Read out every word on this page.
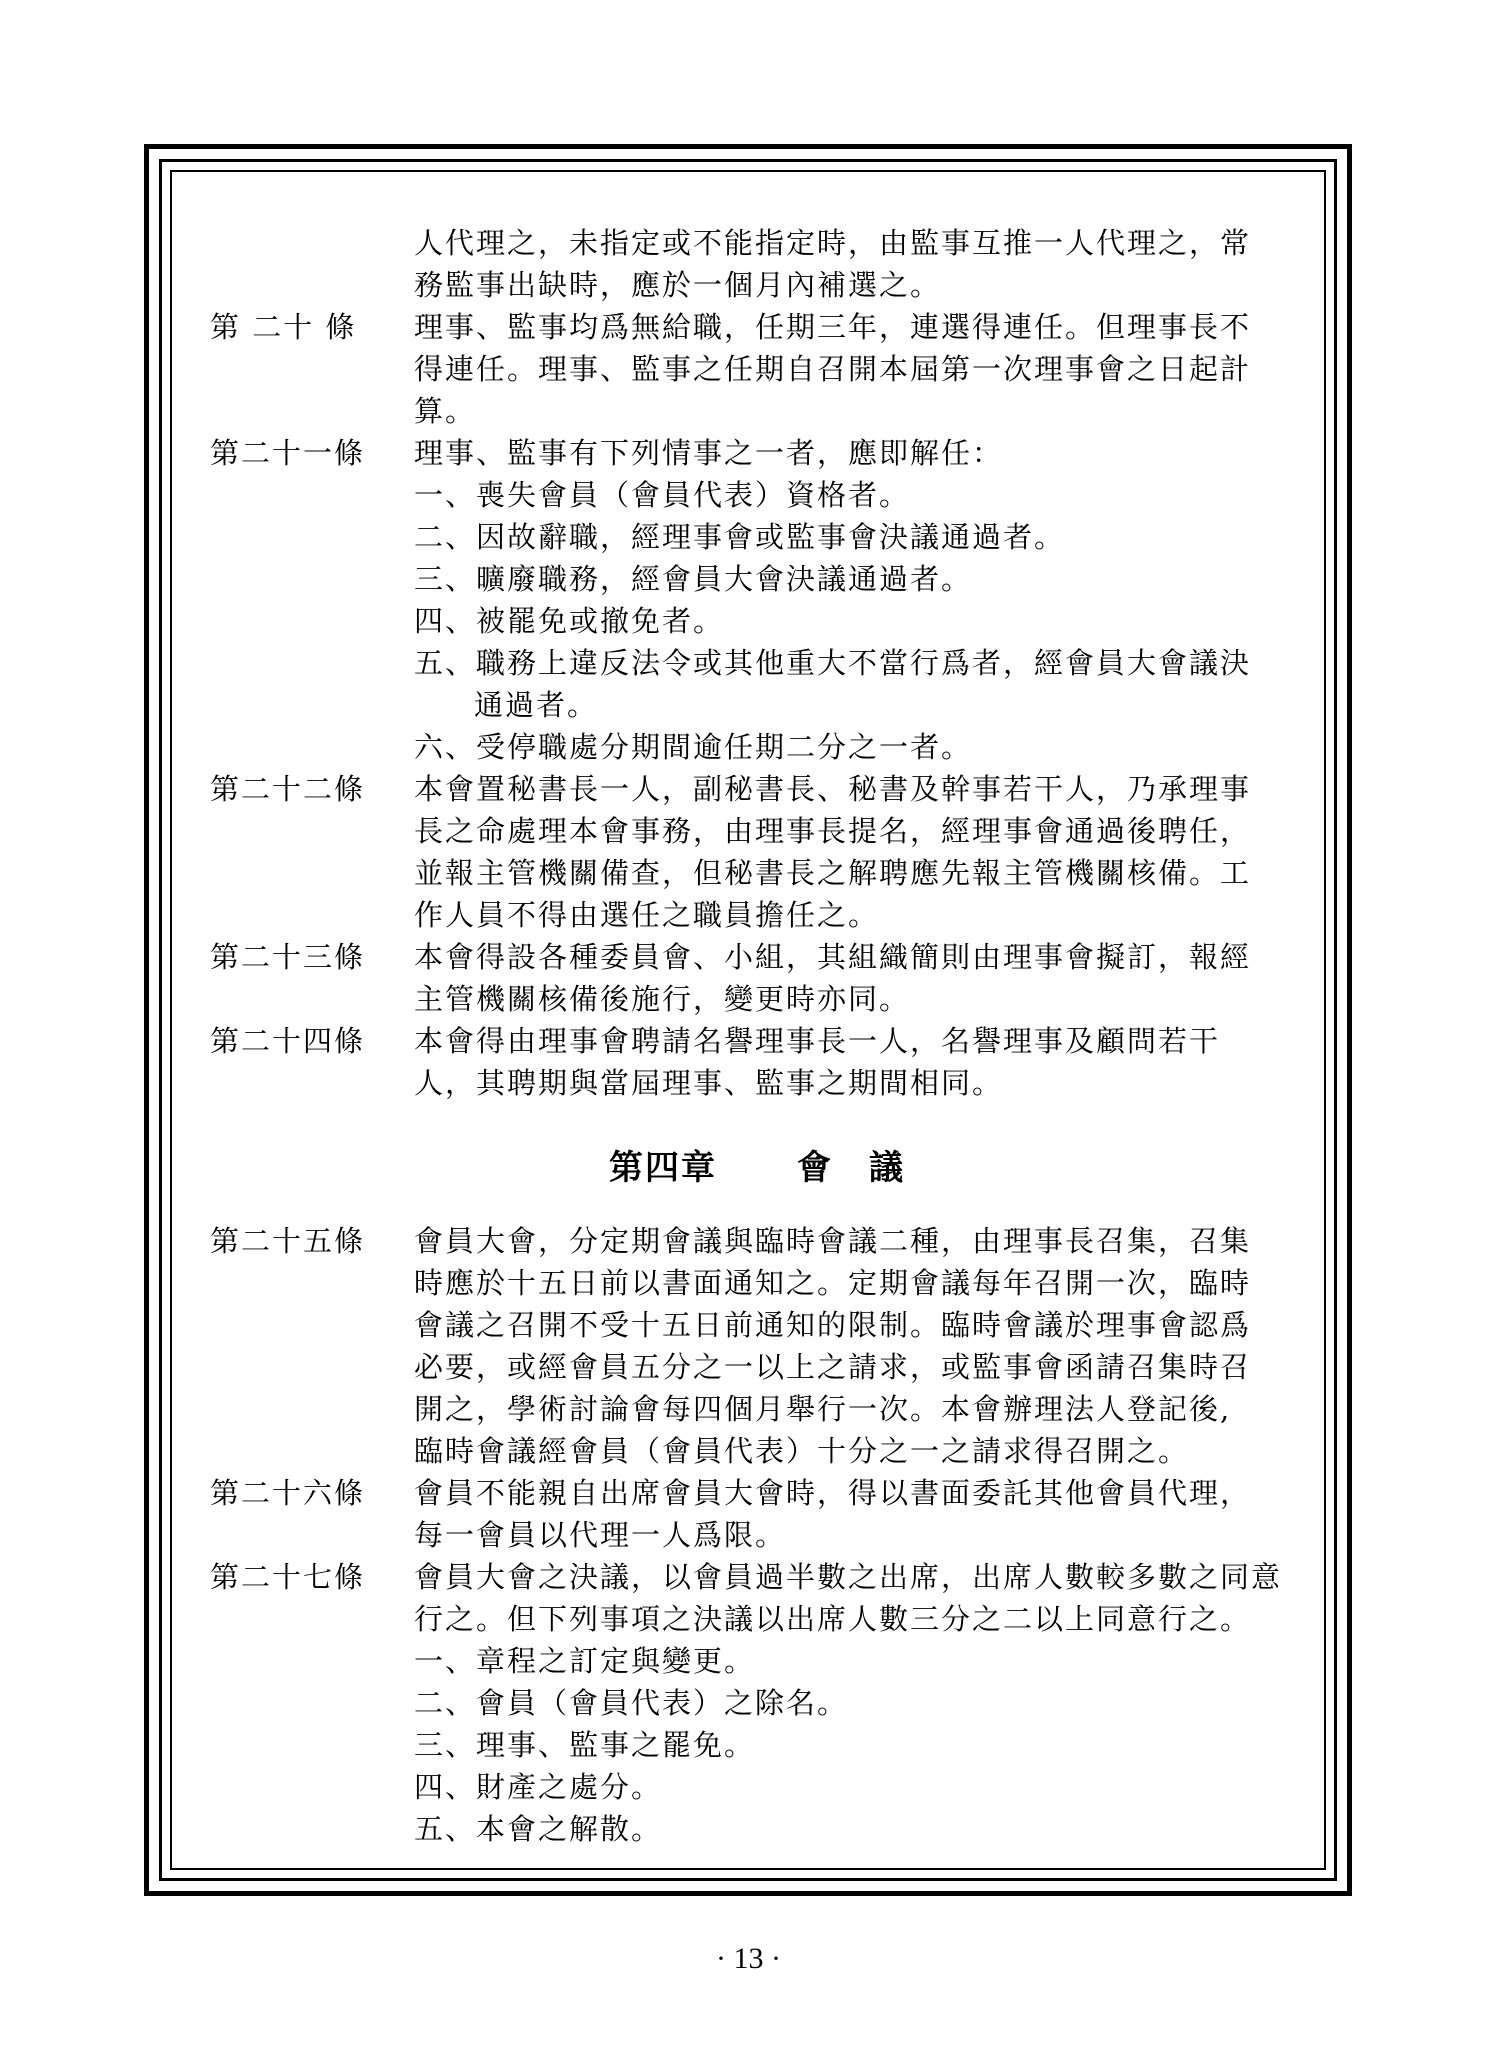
人代理之，未指定或不能指定時，由監事互推一人代理之，常
務監事出缺時，應於一個月內補選之。
第 二十 條	理事、監事均爲無給職，任期三年，連選得連任。但理事長不
得連任。理事、監事之任期自召開本屆第一次理事會之日起計
算。
第二十一條	理事、監事有下列情事之一者，應即解任：
一、喪失會員（會員代表）資格者。
二、因故辭職，經理事會或監事會決議通過者。
三、曠廢職務，經會員大會決議通過者。
四、被罷免或撤免者。
五、職務上違反法令或其他重大不當行爲者，經會員大會議決
通過者。
六、受停職處分期間逾任期二分之一者。
第二十二條	本會置秘書長一人，副秘書長、秘書及幹事若干人，乃承理事
長之命處理本會事務，由理事長提名，經理事會通過後聘任，
並報主管機關備查，但秘書長之解聘應先報主管機關核備。工
作人員不得由選任之職員擔任之。
第二十三條	本會得設各種委員會、小組，其組織簡則由理事會擬訂，報經
主管機關核備後施行，變更時亦同。
第二十四條	本會得由理事會聘請名譽理事長一人，名譽理事及顧問若干
人，其聘期與當屆理事、監事之期間相同。
第四章 會議
第二十五條	會員大會，分定期會議與臨時會議二種，由理事長召集，召集
時應於十五日前以書面通知之。定期會議每年召開一次，臨時
會議之召開不受十五日前通知的限制。臨時會議於理事會認爲
必要，或經會員五分之一以上之請求，或監事會函請召集時召
開之，學術討論會每四個月舉行一次。本會辦理法人登記後,
臨時會議經會員（會員代表）十分之一之請求得召開之。
第二十六條	會員不能親自出席會員大會時，得以書面委託其他會員代理，
每一會員以代理一人爲限。
第二十七條	會員大會之決議，以會員過半數之出席，出席人數較多數之同意
行之。但下列事項之決議以出席人數三分之二以上同意行之。
一、章程之訂定與變更。
二、會員（會員代表）之除名。
三、理事、監事之罷免。
四、財產之處分。
五、本會之解散。
· 13 ·
